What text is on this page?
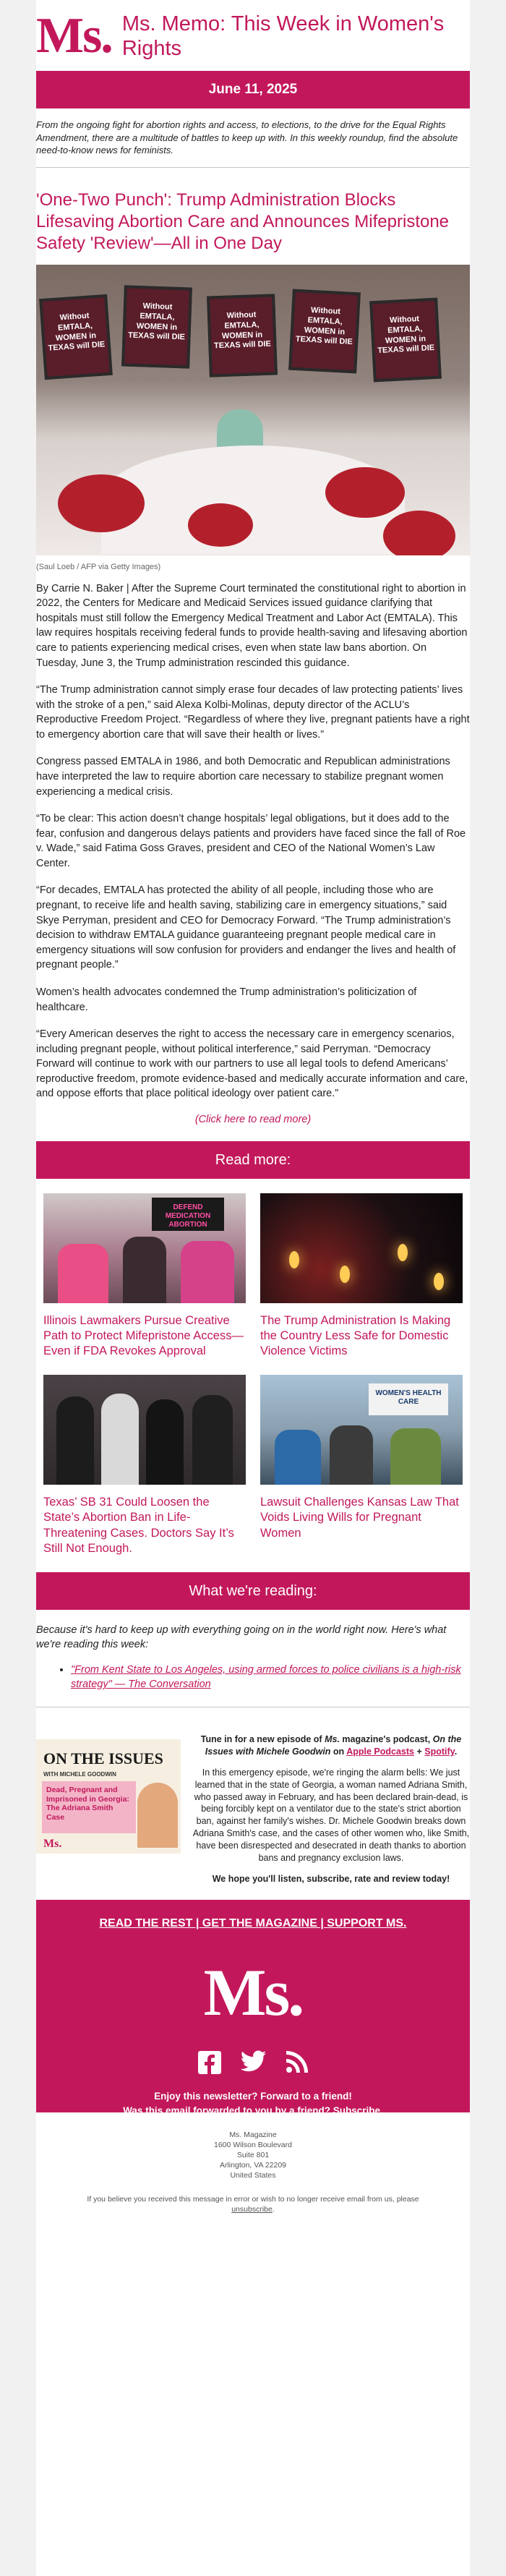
Ms. Ms. Memo: This Week in Women's Rights
June 11, 2025
From the ongoing fight for abortion rights and access, to elections, to the drive for the Equal Rights Amendment, there are a multitude of battles to keep up with. In this weekly roundup, find the absolute need-to-know news for feminists.
'One-Two Punch': Trump Administration Blocks Lifesaving Abortion Care and Announces Mifepristone Safety 'Review'—All in One Day
Without EMTALA, WOMEN in TEXAS will DIE
Without EMTALA, WOMEN in TEXAS will DIE
Without EMTALA, WOMEN in TEXAS will DIE
Without EMTALA, WOMEN in TEXAS will DIE
Without EMTALA, WOMEN in TEXAS will DIE
(Saul Loeb / AFP via Getty Images)

By Carrie N. Baker | After the Supreme Court terminated the constitutional right to abortion in 2022, the Centers for Medicare and Medicaid Services issued guidance clarifying that hospitals must still follow the Emergency Medical Treatment and Labor Act (EMTALA). This law requires hospitals receiving federal funds to provide health-saving and lifesaving abortion care to patients experiencing medical crises, even when state law bans abortion. On Tuesday, June 3, the Trump administration rescinded this guidance.

“The Trump administration cannot simply erase four decades of law protecting patients’ lives with the stroke of a pen,” said Alexa Kolbi-Molinas, deputy director of the ACLU’s Reproductive Freedom Project. “Regardless of where they live, pregnant patients have a right to emergency abortion care that will save their health or lives.”

Congress passed EMTALA in 1986, and both Democratic and Republican administrations have interpreted the law to require abortion care necessary to stabilize pregnant women experiencing a medical crisis.

“To be clear: This action doesn’t change hospitals’ legal obligations, but it does add to the fear, confusion and dangerous delays patients and providers have faced since the fall of Roe v. Wade,” said Fatima Goss Graves, president and CEO of the National Women’s Law Center.

“For decades, EMTALA has protected the ability of all people, including those who are pregnant, to receive life and health saving, stabilizing care in emergency situations,” said Skye Perryman, president and CEO for Democracy Forward. “The Trump administration’s decision to withdraw EMTALA guidance guaranteeing pregnant people medical care in emergency situations will sow confusion for providers and endanger the lives and health of pregnant people.”

Women’s health advocates condemned the Trump administration’s politicization of healthcare.

“Every American deserves the right to access the necessary care in emergency scenarios, including pregnant people, without political interference,” said Perryman. “Democracy Forward will continue to work with our partners to use all legal tools to defend Americans’ reproductive freedom, promote evidence-based and medically accurate information and care, and oppose efforts that place political ideology over patient care.”

(Click here to read more)
Read more:
DEFEND MEDICATION ABORTION
Illinois Lawmakers Pursue Creative Path to Protect Mifepristone Access—Even if FDA Revokes Approval
The Trump Administration Is Making the Country Less Safe for Domestic Violence Victims
Texas’ SB 31 Could Loosen the State’s Abortion Ban in Life-Threatening Cases. Doctors Say It’s Still Not Enough.
WOMEN'S HEALTH CARE
Lawsuit Challenges Kansas Law That Voids Living Wills for Pregnant Women
What we're reading:
Because it's hard to keep up with everything going on in the world right now. Here's what we're reading this week:
• "From Kent State to Los Angeles, using armed forces to police civilians is a high-risk strategy" — The Conversation
ON THE ISSUES
WITH MICHELE GOODWIN
Dead, Pregnant and Imprisoned in Georgia: The Adriana Smith Case
Ms.

Tune in for a new episode of Ms. magazine's podcast, On the Issues with Michele Goodwin on Apple Podcasts + Spotify.

In this emergency episode, we're ringing the alarm bells: We just learned that in the state of Georgia, a woman named Adriana Smith, who passed away in February, and has been declared brain-dead, is being forcibly kept on a ventilator due to the state's strict abortion ban, against her family's wishes. Dr. Michele Goodwin breaks down Adriana Smith's case, and the cases of other women who, like Smith, have been disrespected and desecrated in death thanks to abortion bans and pregnancy exclusion laws.

We hope you'll listen, subscribe, rate and review today!

READ THE REST | GET THE MAGAZINE | SUPPORT MS.
Ms.
Enjoy this newsletter? Forward to a friend!
Was this email forwarded to you by a friend? Subscribe.
Ms. Magazine
1600 Wilson Boulevard
Suite 801
Arlington, VA 22209
United States
If you believe you received this message in error or wish to no longer receive email from us, please unsubscribe.
